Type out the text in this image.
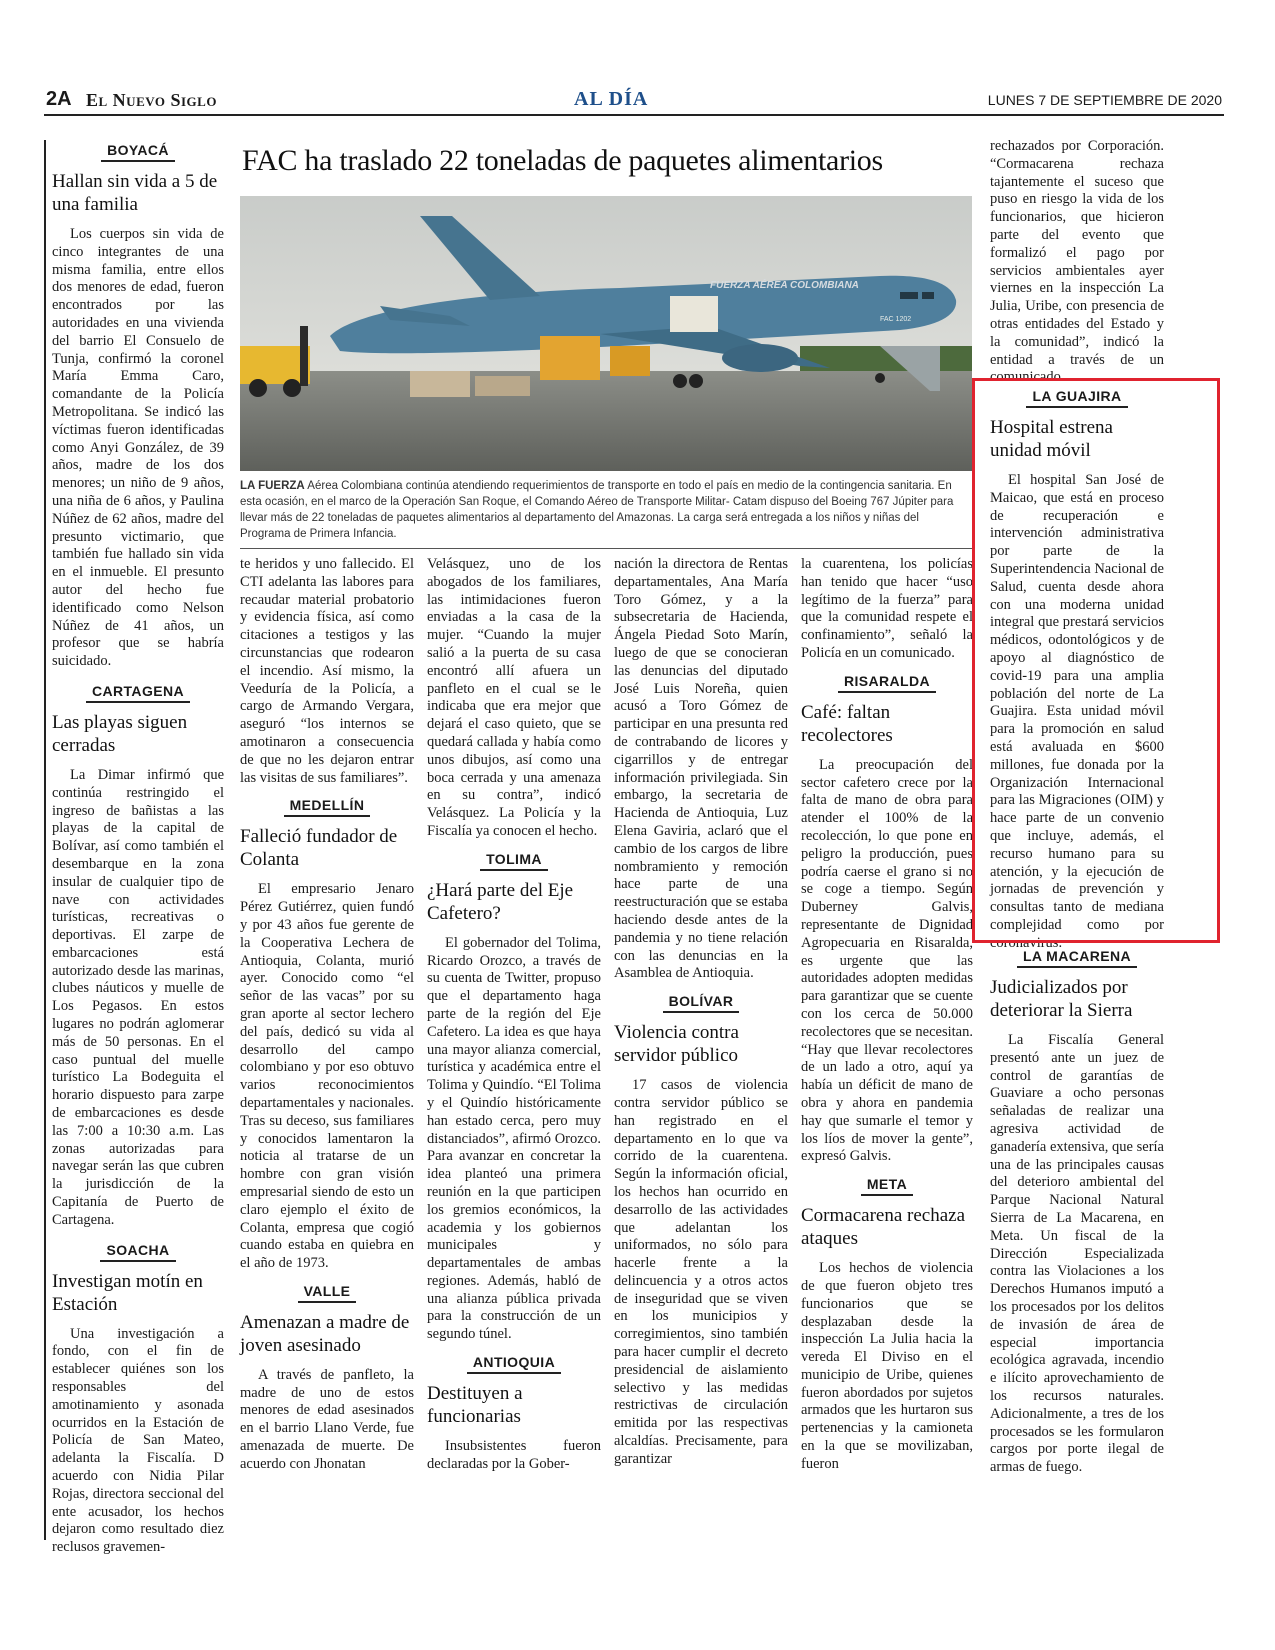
2A El Nuevo Siglo	AL DÍA	LUNES 7 DE SEPTIEMBRE DE 2020
BOYACÁ
Hallan sin vida a 5 de una familia

Los cuerpos sin vida de cinco integrantes de una misma familia, entre ellos dos menores de edad, fueron encontrados por las autoridades en una vivienda del barrio El Consuelo de Tunja, confirmó la coronel María Emma Caro, comandante de la Policía Metropolitana. Se indicó las víctimas fueron identificadas como Anyi González, de 39 años, madre de los dos menores; un niño de 9 años, una niña de 6 años, y Paulina Núñez de 62 años, madre del presunto victimario, que también fue hallado sin vida en el inmueble. El presunto autor del hecho fue identificado como Nelson Núñez de 41 años, un profesor que se habría suicidado.

CARTAGENA
Las playas siguen cerradas

La Dimar infirmó que continúa restringido el ingreso de bañistas a las playas de la capital de Bolívar, así como también el desembarque en la zona insular de cualquier tipo de nave con actividades turísticas, recreativas o deportivas. El zarpe de embarcaciones está autorizado desde las marinas, clubes náuticos y muelle de Los Pegasos. En estos lugares no podrán aglomerar más de 50 personas. En el caso puntual del muelle turístico La Bodeguita el horario dispuesto para zarpe de embarcaciones es desde las 7:00 a 10:30 a.m. Las zonas autorizadas para navegar serán las que cubren la jurisdicción de la Capitanía de Puerto de Cartagena.

SOACHA
Investigan motín en Estación

Una investigación a fondo, con el fin de establecer quiénes son los responsables del amotinamiento y asonada ocurridos en la Estación de Policía de San Mateo, adelanta la Fiscalía. D acuerdo con Nidia Pilar Rojas, directora seccional del ente acusador, los hechos dejaron como resultado diez reclusos gravemen-

FAC ha traslado 22 toneladas de paquetes alimentarios
FUERZA AÉREA COLOMBIANA
FAC 1202

LA FUERZA Aérea Colombiana continúa atendiendo requerimientos de transporte en todo el país en medio de la contingencia sanitaria. En esta ocasión, en el marco de la Operación San Roque, el Comando Aéreo de Transporte Militar- Catam dispuso del Boeing 767 Júpiter para llevar más de 22 toneladas de paquetes alimentarios al departamento del Amazonas. La carga será entregada a los niños y niñas del Programa de Primera Infancia.

te heridos y uno fallecido. El CTI adelanta las labores para recaudar material probatorio y evidencia física, así como citaciones a testigos y las circunstancias que rodearon el incendio. Así mismo, la Veeduría de la Policía, a cargo de Armando Vergara, aseguró “los internos se amotinaron a consecuencia de que no les dejaron entrar las visitas de sus familiares”.

MEDELLÍN
Falleció fundador de Colanta

El empresario Jenaro Pérez Gutiérrez, quien fundó y por 43 años fue gerente de la Cooperativa Lechera de Antioquia, Colanta, murió ayer. Conocido como “el señor de las vacas” por su gran aporte al sector lechero del país, dedicó su vida al desarrollo del campo colombiano y por eso obtuvo varios reconocimientos departamentales y nacionales. Tras su deceso, sus familiares y conocidos lamentaron la noticia al tratarse de un hombre con gran visión empresarial siendo de esto un claro ejemplo el éxito de Colanta, empresa que cogió cuando estaba en quiebra en el año de 1973.

VALLE
Amenazan a madre de joven asesinado

A través de panfleto, la madre de uno de estos menores de edad asesinados en el barrio Llano Verde, fue amenazada de muerte. De acuerdo con Jhonatan

Velásquez, uno de los abogados de los familiares, las intimidaciones fueron enviadas a la casa de la mujer. “Cuando la mujer salió a la puerta de su casa encontró allí afuera un panfleto en el cual se le indicaba que era mejor que dejará el caso quieto, que se quedará callada y había como unos dibujos, así como una boca cerrada y una amenaza en su contra”, indicó Velásquez. La Policía y la Fiscalía ya conocen el hecho.

TOLIMA
¿Hará parte del Eje Cafetero?

El gobernador del Tolima, Ricardo Orozco, a través de su cuenta de Twitter, propuso que el departamento haga parte de la región del Eje Cafetero. La idea es que haya una mayor alianza comercial, turística y académica entre el Tolima y Quindío. “El Tolima y el Quindío históricamente han estado cerca, pero muy distanciados”, afirmó Orozco. Para avanzar en concretar la idea planteó una primera reunión en la que participen los gremios económicos, la academia y los gobiernos municipales y departamentales de ambas regiones. Además, habló de una alianza pública privada para la construcción de un segundo túnel.

ANTIOQUIA
Destituyen a funcionarias

Insubsistentes fueron declaradas por la Gober-

nación la directora de Rentas departamentales, Ana María Toro Gómez, y a la subsecretaria de Hacienda, Ángela Piedad Soto Marín, luego de que se conocieran las denuncias del diputado José Luis Noreña, quien acusó a Toro Gómez de participar en una presunta red de contrabando de licores y cigarrillos y de entregar información privilegiada. Sin embargo, la secretaria de Hacienda de Antioquia, Luz Elena Gaviria, aclaró que el cambio de los cargos de libre nombramiento y remoción hace parte de una reestructuración que se estaba haciendo desde antes de la pandemia y no tiene relación con las denuncias en la Asamblea de Antioquia.

BOLÍVAR
Violencia contra servidor público

17 casos de violencia contra servidor público se han registrado en el departamento en lo que va corrido de la cuarentena. Según la información oficial, los hechos han ocurrido en desarrollo de las actividades que adelantan los uniformados, no sólo para hacerle frente a la delincuencia y a otros actos de inseguridad que se viven en los municipios y corregimientos, sino también para hacer cumplir el decreto presidencial de aislamiento selectivo y las medidas restrictivas de circulación emitida por las respectivas alcaldías. Precisamente, para garantizar

la cuarentena, los policías han tenido que hacer “uso legítimo de la fuerza” para que la comunidad respete el confinamiento”, señaló la Policía en un comunicado.

RISARALDA
Café: faltan recolectores

La preocupación del sector cafetero crece por la falta de mano de obra para atender el 100% de la recolección, lo que pone en peligro la producción, pues podría caerse el grano si no se coge a tiempo. Según Duberney Galvis, representante de Dignidad Agropecuaria en Risaralda, es urgente que las autoridades adopten medidas para garantizar que se cuente con los cerca de 50.000 recolectores que se necesitan. “Hay que llevar recolectores de un lado a otro, aquí ya había un déficit de mano de obra y ahora en pandemia hay que sumarle el temor y los líos de mover la gente”, expresó Galvis.

META
Cormacarena rechaza ataques

Los hechos de violencia de que fueron objeto tres funcionarios que se desplazaban desde la inspección La Julia hacia la vereda El Diviso en el municipio de Uribe, quienes fueron abordados por sujetos armados que les hurtaron sus pertenencias y la camioneta en la que se movilizaban, fueron

rechazados por Corporación. “Cormacarena rechaza tajantemente el suceso que puso en riesgo la vida de los funcionarios, que hicieron parte del evento que formalizó el pago por servicios ambientales ayer viernes en la inspección La Julia, Uribe, con presencia de otras entidades del Estado y la comunidad”, indicó la entidad a través de un comunicado.

LA GUAJIRA
Hospital estrena unidad móvil

El hospital San José de Maicao, que está en proceso de recuperación e intervención administrativa por parte de la Superintendencia Nacional de Salud, cuenta desde ahora con una moderna unidad integral que prestará servicios médicos, odontológicos y de apoyo al diagnóstico de covid-19 para una amplia población del norte de La Guajira. Esta unidad móvil para la promoción en salud está avaluada en $600 millones, fue donada por la Organización Internacional para las Migraciones (OIM) y hace parte de un convenio que incluye, además, el recurso humano para su atención, y la ejecución de jornadas de prevención y consultas tanto de mediana complejidad como por coronavirus.

LA MACARENA
Judicializados por deteriorar la Sierra

La Fiscalía General presentó ante un juez de control de garantías de Guaviare a ocho personas señaladas de realizar una agresiva actividad de ganadería extensiva, que sería una de las principales causas del deterioro ambiental del Parque Nacional Natural Sierra de La Macarena, en Meta. Un fiscal de la Dirección Especializada contra las Violaciones a los Derechos Humanos imputó a los procesados por los delitos de invasión de área de especial importancia ecológica agravada, incendio e ilícito aprovechamiento de los recursos naturales. Adicionalmente, a tres de los procesados se les formularon cargos por porte ilegal de armas de fuego.
